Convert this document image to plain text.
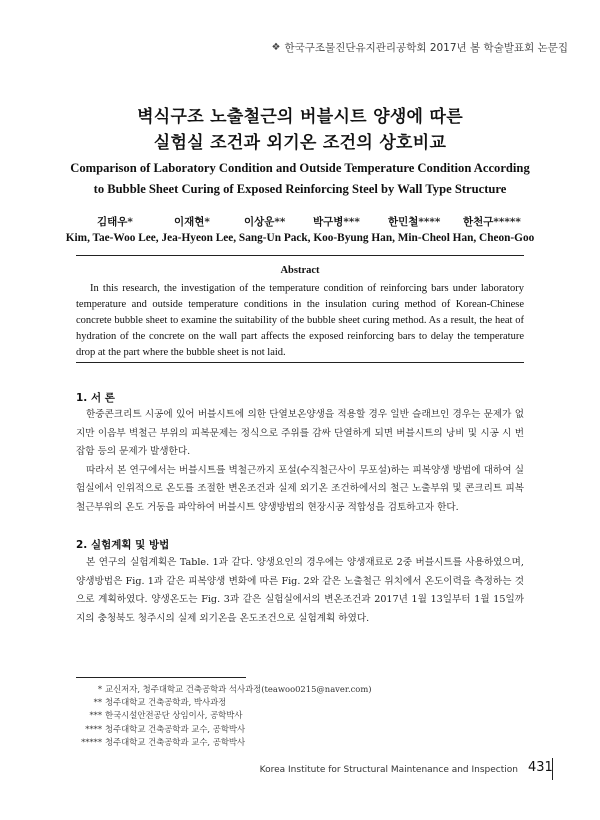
❖ 한국구조물진단유지관리공학회 2017년 봄 학술발표회 논문집
벽식구조 노출철근의 버블시트 양생에 따른
실험실 조건과 외기온 조건의 상호비교
Comparison of Laboratory Condition and Outside Temperature Condition According
to Bubble Sheet Curing of Exposed Reinforcing Steel by Wall Type Structure
김태우*	이재현*	이상운**	박구병***	한민철**** 한천구*****
Kim, Tae-Woo Lee, Jea-Hyeon Lee, Sang-Un Pack, Koo-Byung Han, Min-Cheol Han, Cheon-Goo
Abstract
In this research, the investigation of the temperature condition of reinforcing bars under laboratory temperature and outside temperature conditions in the insulation curing method of Korean-Chinese concrete bubble sheet to examine the suitability of the bubble sheet curing method. As a result, the heat of hydration of the concrete on the wall part affects the exposed reinforcing bars to delay the temperature drop at the part where the bubble sheet is not laid.
1. 서 론

한중콘크리트 시공에 있어 버블시트에 의한 단열보온양생을 적용할 경우 일반 슬래브인 경우는 문제가 없지만 이음부 벽철근 부위의 피복문제는 정식으로 주위를 감싸 단열하게 되면 버블시트의 낭비 및 시공 시 번잡함 등의 문제가 발생한다.

따라서 본 연구에서는 버블시트를 벽철근까지 포설(수직철근사이 무포설)하는 피복양생 방법에 대하여 실험실에서 인위적으로 온도를 조절한 변온조건과 실제 외기온 조건하에서의 철근 노출부위 및 콘크리트 피복철근부위의 온도 거동을 파악하여 버블시트 양생방법의 현장시공 적합성을 검토하고자 한다.

2. 실험계획 및 방법

본 연구의 실험계획은 Table. 1과 같다. 양생요인의 경우에는 양생재료로 2중 버블시트를 사용하였으며, 양생방법은 Fig. 1과 같은 피복양생 변화에 따른 Fig. 2와 같은 노출철근 위치에서 온도이력을 측정하는 것으로 계획하였다. 양생온도는 Fig. 3과 같은 실험실에서의 변온조건과 2017년 1월 13일부터 1월 15일까지의 충청북도 청주시의 실제 외기온을 온도조건으로 실험계획 하였다.

* 교신저자, 청주대학교 건축공학과 석사과정(teawoo0215@naver.com)
** 청주대학교 건축공학과, 박사과정
*** 한국시설안전공단 상임이사, 공학박사
**** 청주대학교 건축공학과 교수, 공학박사
***** 청주대학교 건축공학과 교수, 공학박사
Korea Institute for Structural Maintenance and Inspection 431
